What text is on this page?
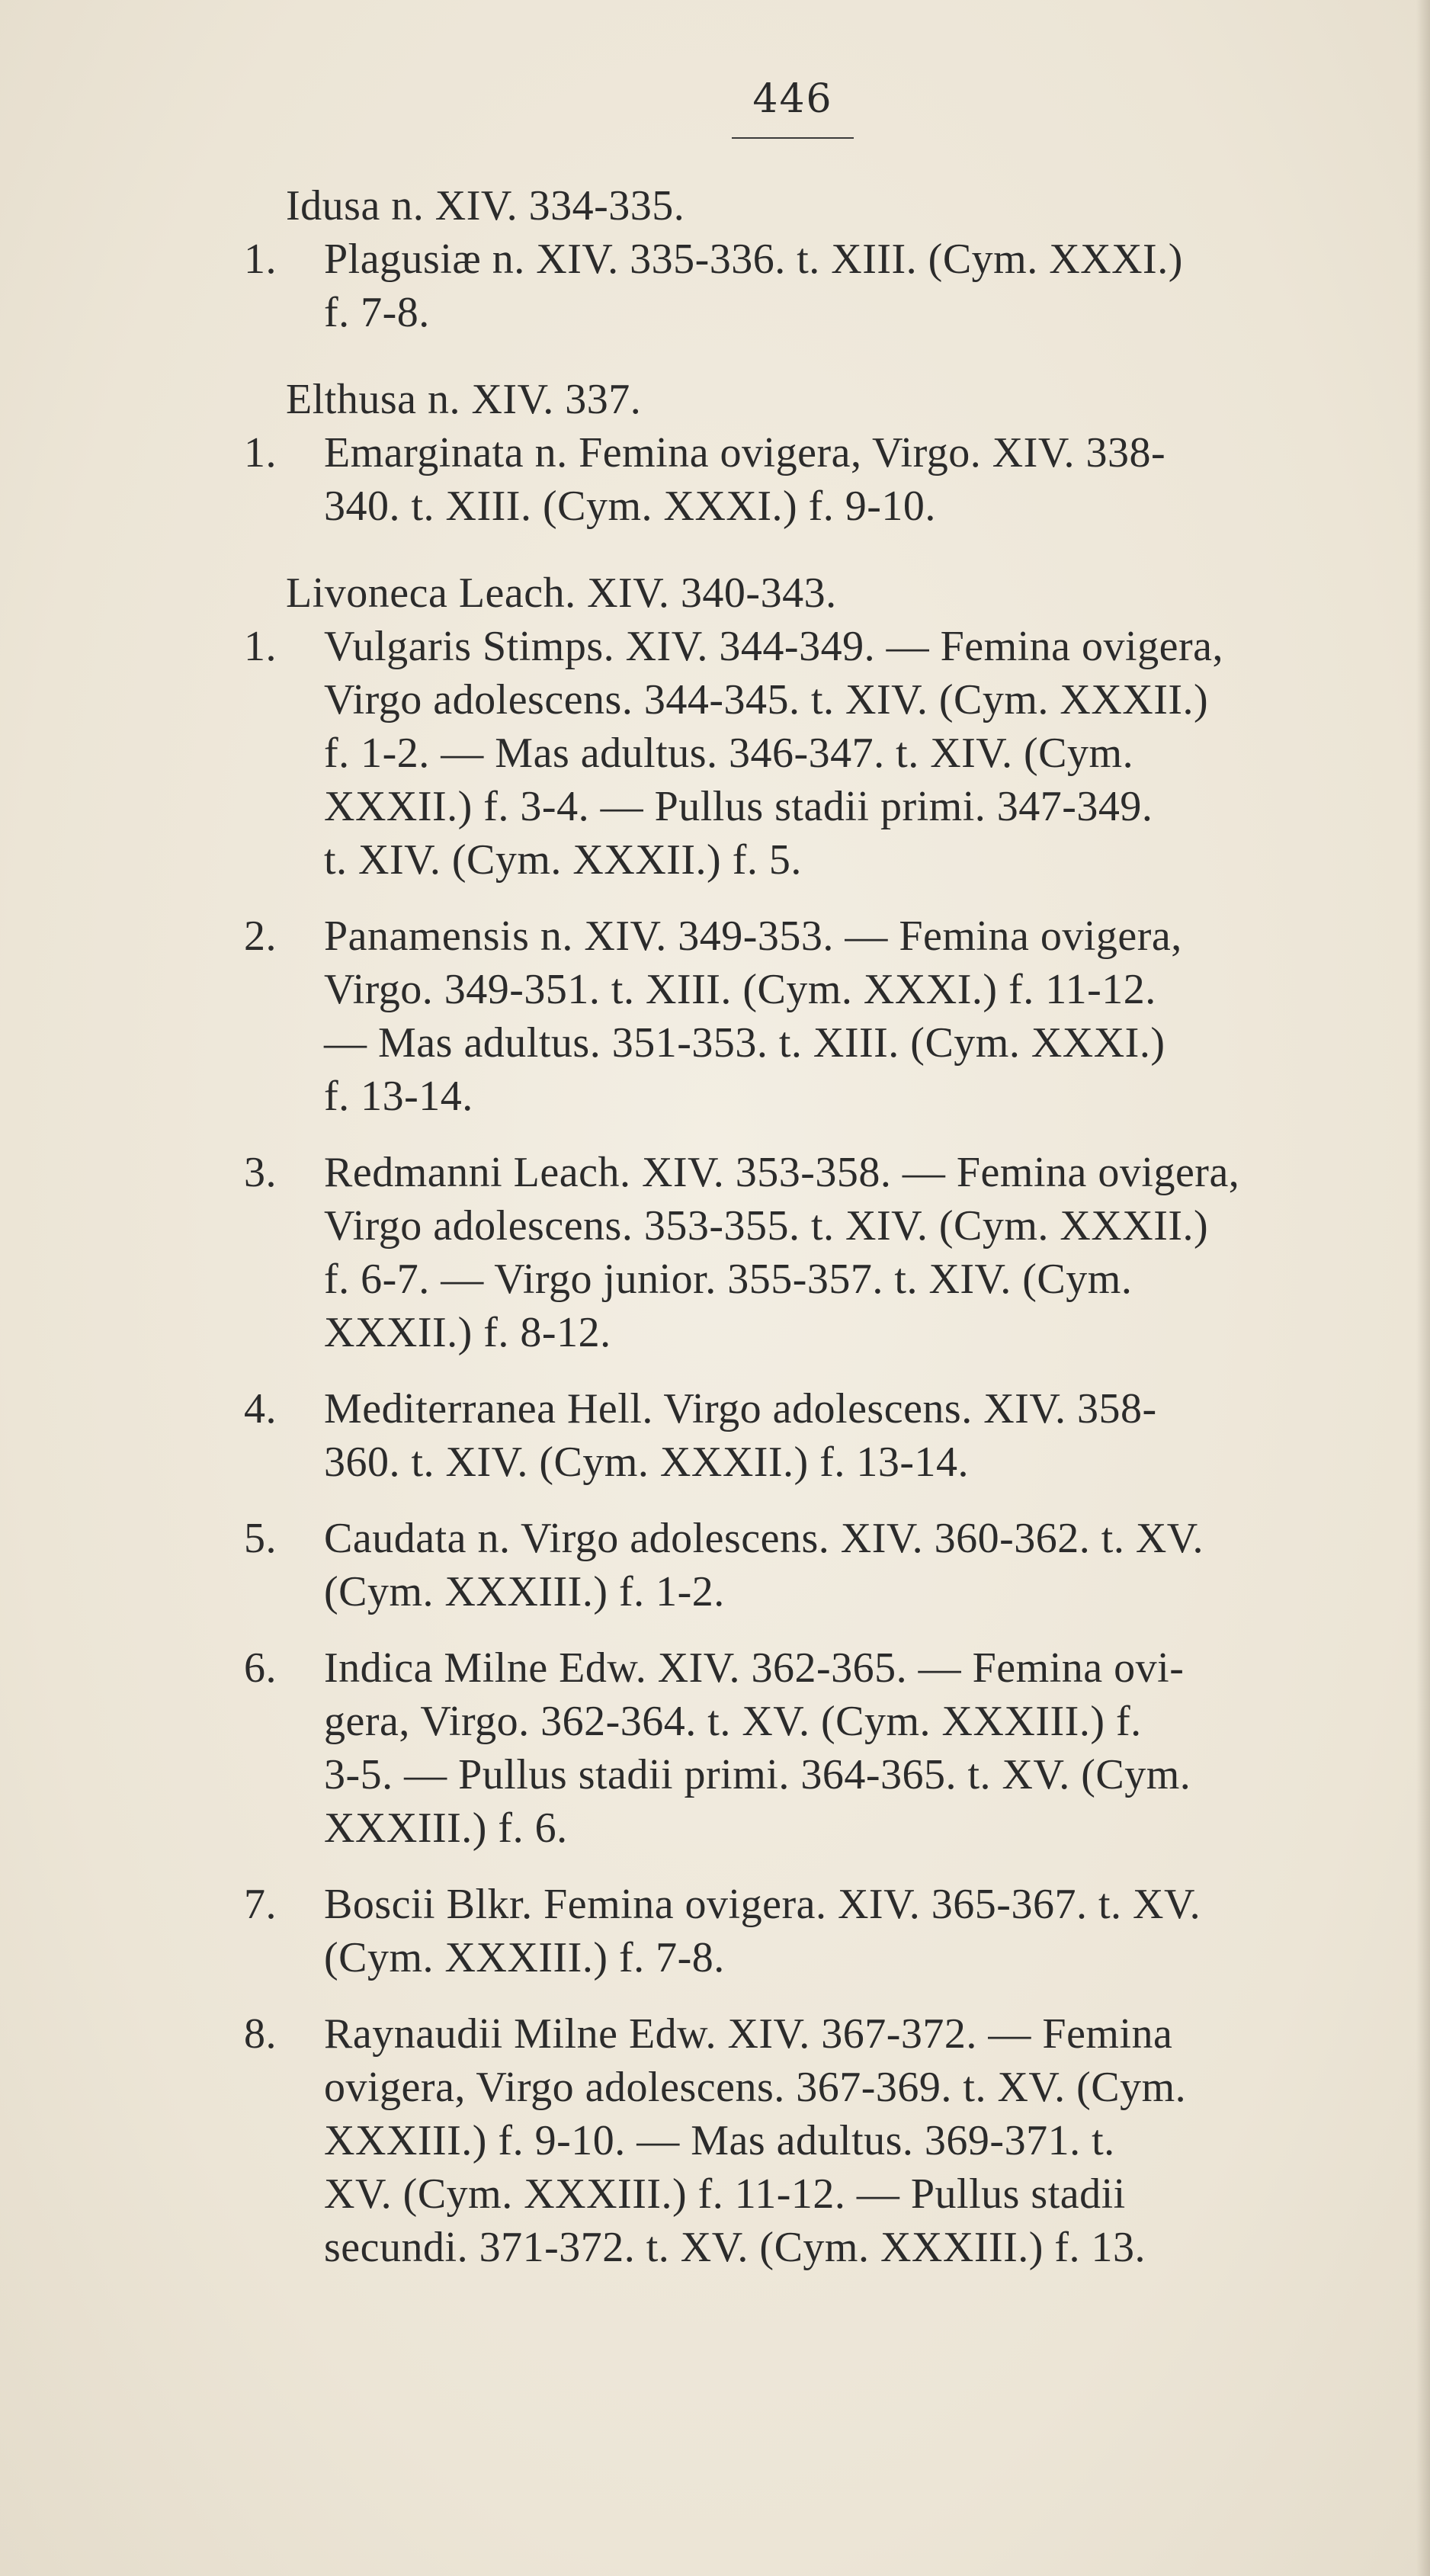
446
Idusa n. XIV. 334-335.
1.	Plagusiæ n. XIV. 335-336. t. XIII. (Cym. XXXI.)
f. 7-8.
Elthusa n. XIV. 337.
1.	Emarginata n. Femina ovigera, Virgo. XIV. 338-
340. t. XIII. (Cym. XXXI.) f. 9-10.
Livoneca Leach. XIV. 340-343.
1.	Vulgaris Stimps. XIV. 344-349. — Femina ovigera,
Virgo adolescens. 344-345. t. XIV. (Cym. XXXII.)
f. 1-2. — Mas adultus. 346-347. t. XIV. (Cym.
XXXII.) f. 3-4. — Pullus stadii primi. 347-349.
t. XIV. (Cym. XXXII.) f. 5.
2.	Panamensis n. XIV. 349-353. — Femina ovigera,
Virgo. 349-351. t. XIII. (Cym. XXXI.) f. 11-12.
— Mas adultus. 351-353. t. XIII. (Cym. XXXI.)
f. 13-14.
3.	Redmanni Leach. XIV. 353-358. — Femina ovigera,
Virgo adolescens. 353-355. t. XIV. (Cym. XXXII.)
f. 6-7. — Virgo junior. 355-357. t. XIV. (Cym.
XXXII.) f. 8-12.
4.	Mediterranea Hell. Virgo adolescens. XIV. 358-
360. t. XIV. (Cym. XXXII.) f. 13-14.
5.	Caudata n. Virgo adolescens. XIV. 360-362. t. XV.
(Cym. XXXIII.) f. 1-2.
6.	Indica Milne Edw. XIV. 362-365. — Femina ovi-
gera, Virgo. 362-364. t. XV. (Cym. XXXIII.) f.
3-5. — Pullus stadii primi. 364-365. t. XV. (Cym.
XXXIII.) f. 6.
7.	Boscii Blkr. Femina ovigera. XIV. 365-367. t. XV.
(Cym. XXXIII.) f. 7-8.
8.	Raynaudii Milne Edw. XIV. 367-372. — Femina
ovigera, Virgo adolescens. 367-369. t. XV. (Cym.
XXXIII.) f. 9-10. — Mas adultus. 369-371. t.
XV. (Cym. XXXIII.) f. 11-12. — Pullus stadii
secundi. 371-372. t. XV. (Cym. XXXIII.) f. 13.
